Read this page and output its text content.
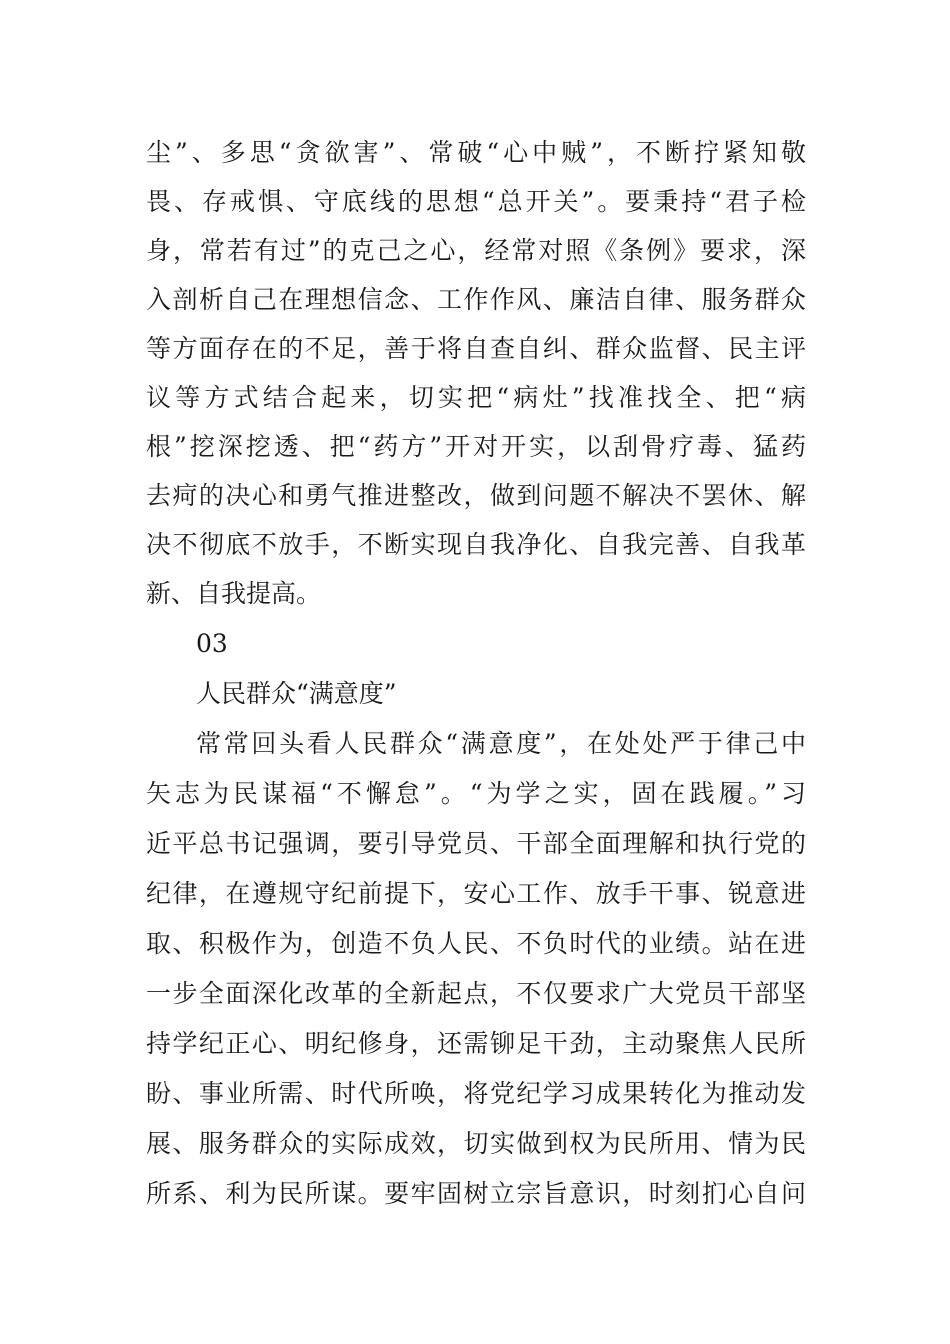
尘”、多思“贪欲害”、常破“心中贼”，不断拧紧知敬
畏、存戒惧、守底线的思想“总开关”。要秉持“君子检
身，常若有过”的克己之心，经常对照《条例》要求，深
入剖析自己在理想信念、工作作风、廉洁自律、服务群众
等方面存在的不足，善于将自查自纠、群众监督、民主评
议等方式结合起来，切实把“病灶”找准找全、把“病
根”挖深挖透、把“药方”开对开实，以刮骨疗毒、猛药
去疴的决心和勇气推进整改，做到问题不解决不罢休、解
决不彻底不放手，不断实现自我净化、自我完善、自我革
新、自我提高。
03
人民群众“满意度”
常常回头看人民群众“满意度”，在处处严于律己中
矢志为民谋福“不懈怠”。“为学之实，固在践履。”习
近平总书记强调，要引导党员、干部全面理解和执行党的
纪律，在遵规守纪前提下，安心工作、放手干事、锐意进
取、积极作为，创造不负人民、不负时代的业绩。站在进
一步全面深化改革的全新起点，不仅要求广大党员干部坚
持学纪正心、明纪修身，还需铆足干劲，主动聚焦人民所
盼、事业所需、时代所唤，将党纪学习成果转化为推动发
展、服务群众的实际成效，切实做到权为民所用、情为民
所系、利为民所谋。要牢固树立宗旨意识，时刻扪心自问
